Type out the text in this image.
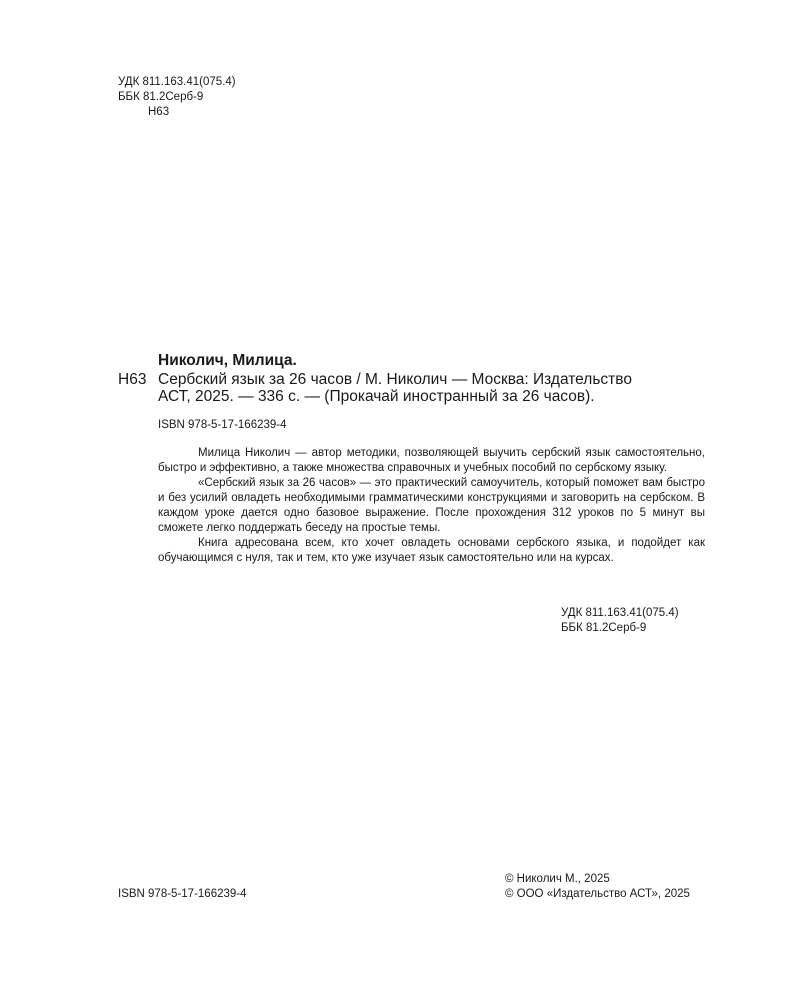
УДК 811.163.41(075.4)
ББК 81.2Серб-9
Н63
Николич, Милица.
Н63 Сербский язык за 26 часов / М. Николич — Москва: Издательство
АСТ, 2025. — 336 с. — (Прокачай иностранный за 26 часов).
ISBN 978-5-17-166239-4

Милица Николич — автор методики, позволяющей выучить сербский язык самостоятельно, быстро и эффективно, а также множества справочных и учебных пособий по сербскому языку.

«Сербский язык за 26 часов» — это практический самоучитель, который поможет вам быстро и без усилий овладеть необходимыми грамматическими конструкциями и заговорить на сербском. В каждом уроке дается одно базовое выражение. После прохождения 312 уроков по 5 минут вы сможете легко поддержать беседу на простые темы.

Книга адресована всем, кто хочет овладеть основами сербского языка, и подойдет как обучающимся с нуля, так и тем, кто уже изучает язык самостоятельно или на курсах.

УДК 811.163.41(075.4)
ББК 81.2Серб-9
ISBN 978-5-17-166239-4
© Николич М., 2025
© ООО «Издательство АСТ», 2025
